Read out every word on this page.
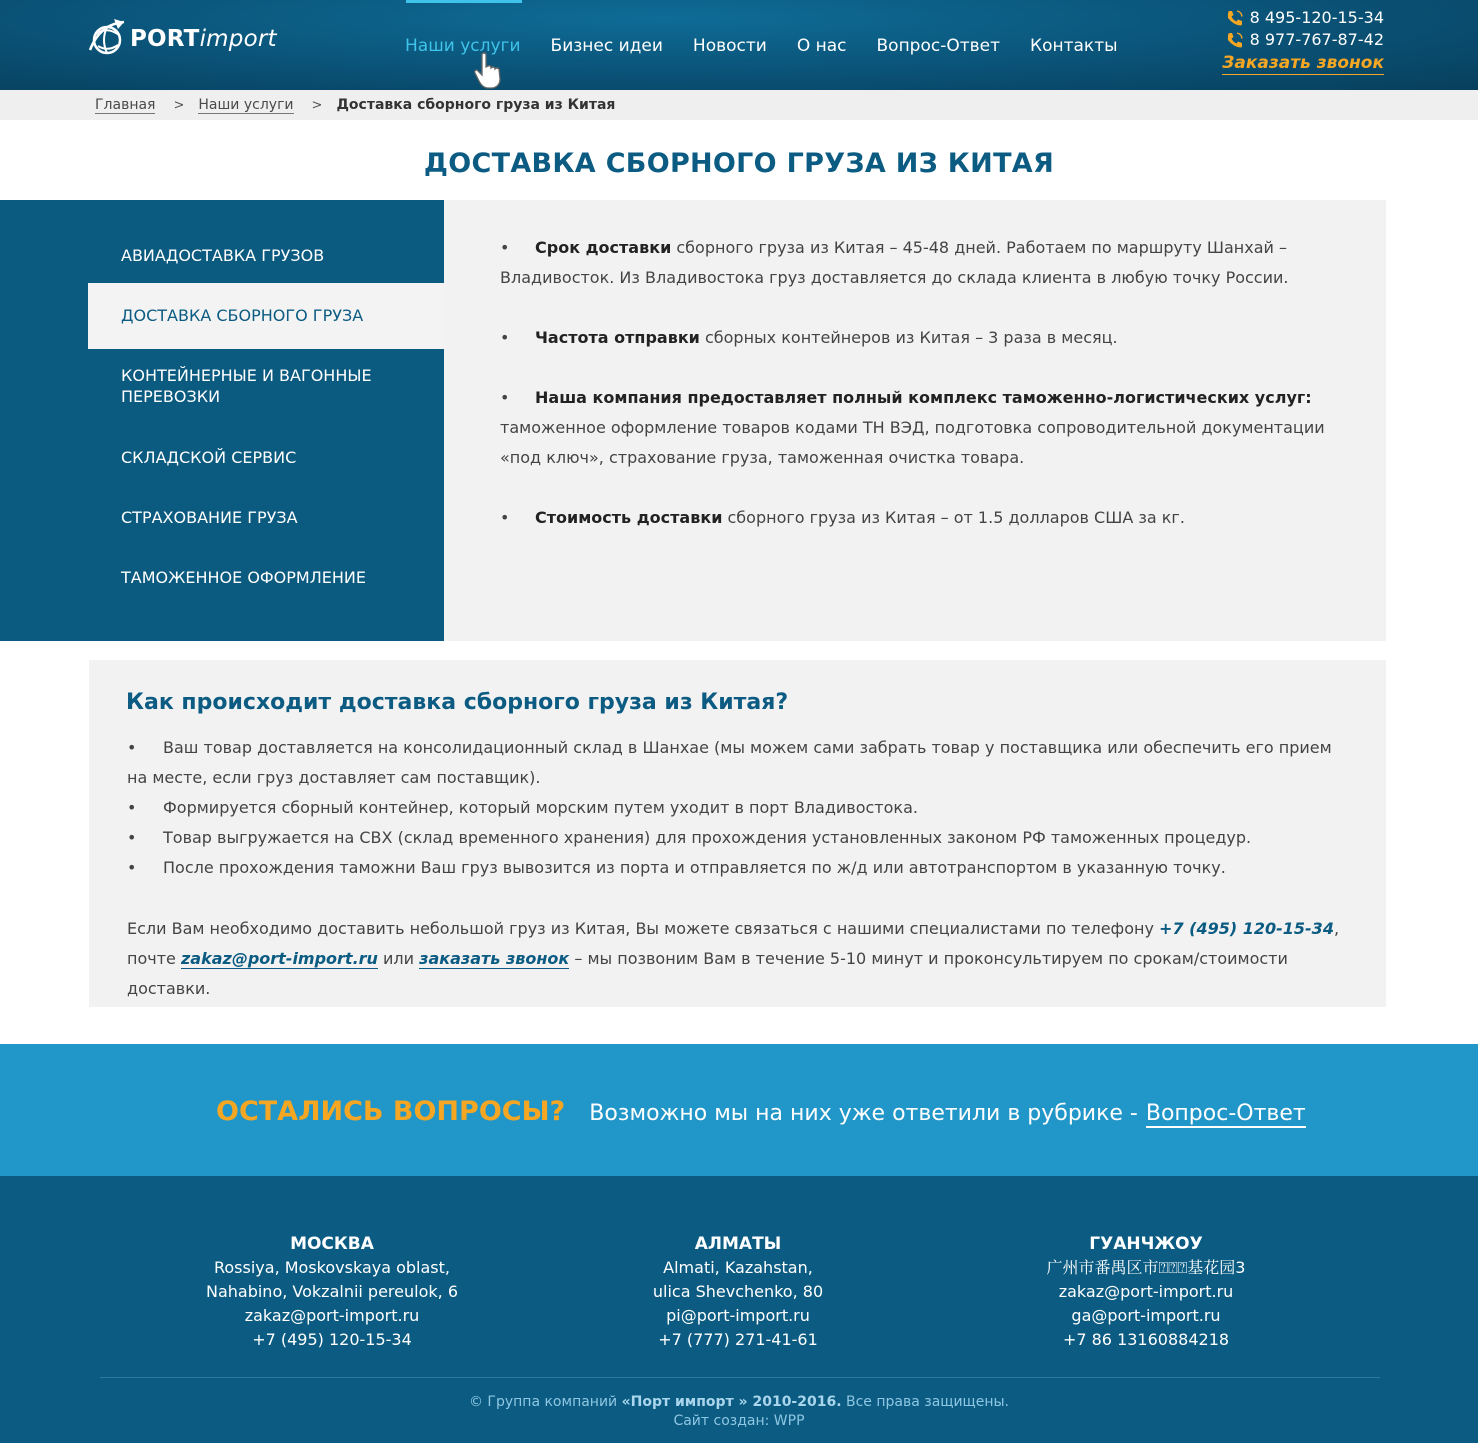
PORTimport	Наши услуги	Бизнес идеи	Новости	О нас	Вопрос-Ответ	Контакты
8 495-120-15-34
8 977-767-87-42
Заказать звонок
Главная > Наши услуги > Доставка сборного груза из Китая
ДОСТАВКА СБОРНОГО ГРУЗА ИЗ КИТАЯ
АВИАДОСТАВКА ГРУЗОВ
ДОСТАВКА СБОРНОГО ГРУЗА
КОНТЕЙНЕРНЫЕ И ВАГОННЫЕ ПЕРЕВОЗКИ
СКЛАДСКОЙ СЕРВИС
СТРАХОВАНИЕ ГРУЗА
ТАМОЖЕННОЕ ОФОРМЛЕНИЕ
• Срок доставки сборного груза из Китая – 45-48 дней. Работаем по маршруту Шанхай – Владивосток. Из Владивостока груз доставляется до склада клиента в любую точку России.
• Частота отправки сборных контейнеров из Китая – 3 раза в месяц.
• Наша компания предоставляет полный комплекс таможенно-логистических услуг: таможенное оформление товаров кодами ТН ВЭД, подготовка сопроводительной документации «под ключ», страхование груза, таможенная очистка товара.
• Стоимость доставки сборного груза из Китая – от 1.5 долларов США за кг.
Как происходит доставка сборного груза из Китая?
• Ваш товар доставляется на консолидационный склад в Шанхае (мы можем сами забрать товар у поставщика или обеспечить его прием на месте, если груз доставляет сам поставщик).
• Формируется сборный контейнер, который морским путем уходит в порт Владивостока.
• Товар выгружается на СВХ (склад временного хранения) для прохождения установленных законом РФ таможенных процедур.
• После прохождения таможни Ваш груз вывозится из порта и отправляется по ж/д или автотранспортом в указанную точку.
Если Вам необходимо доставить небольшой груз из Китая, Вы можете связаться с нашими специалистами по телефону +7 (495) 120-15-34, почте zakaz@port-import.ru или заказать звонок – мы позвоним Вам в течение 5-10 минут и проконсультируем по срокам/стоимости доставки.
ОСТАЛИСЬ ВОПРОСЫ? Возможно мы на них уже ответили в рубрике - Вопрос-Ответ
МОСКВА
Rossiya, Moskovskaya oblast,
Nahabino, Vokzalnii pereulok, 6
zakaz@port-import.ru
+7 (495) 120-15-34
АЛМАТЫ
Almati, Kazahstan,
ulica Shevchenko, 80
pi@port-import.ru
+7 (777) 271-41-61
ГУАНЧЖОУ
广州市番禺区市⍰⍰⍰基花园3
zakaz@port-import.ru
ga@port-import.ru
+7 86 13160884218
© Группа компаний «Порт импорт » 2010-2016. Все права защищены.
Сайт создан: WPP
